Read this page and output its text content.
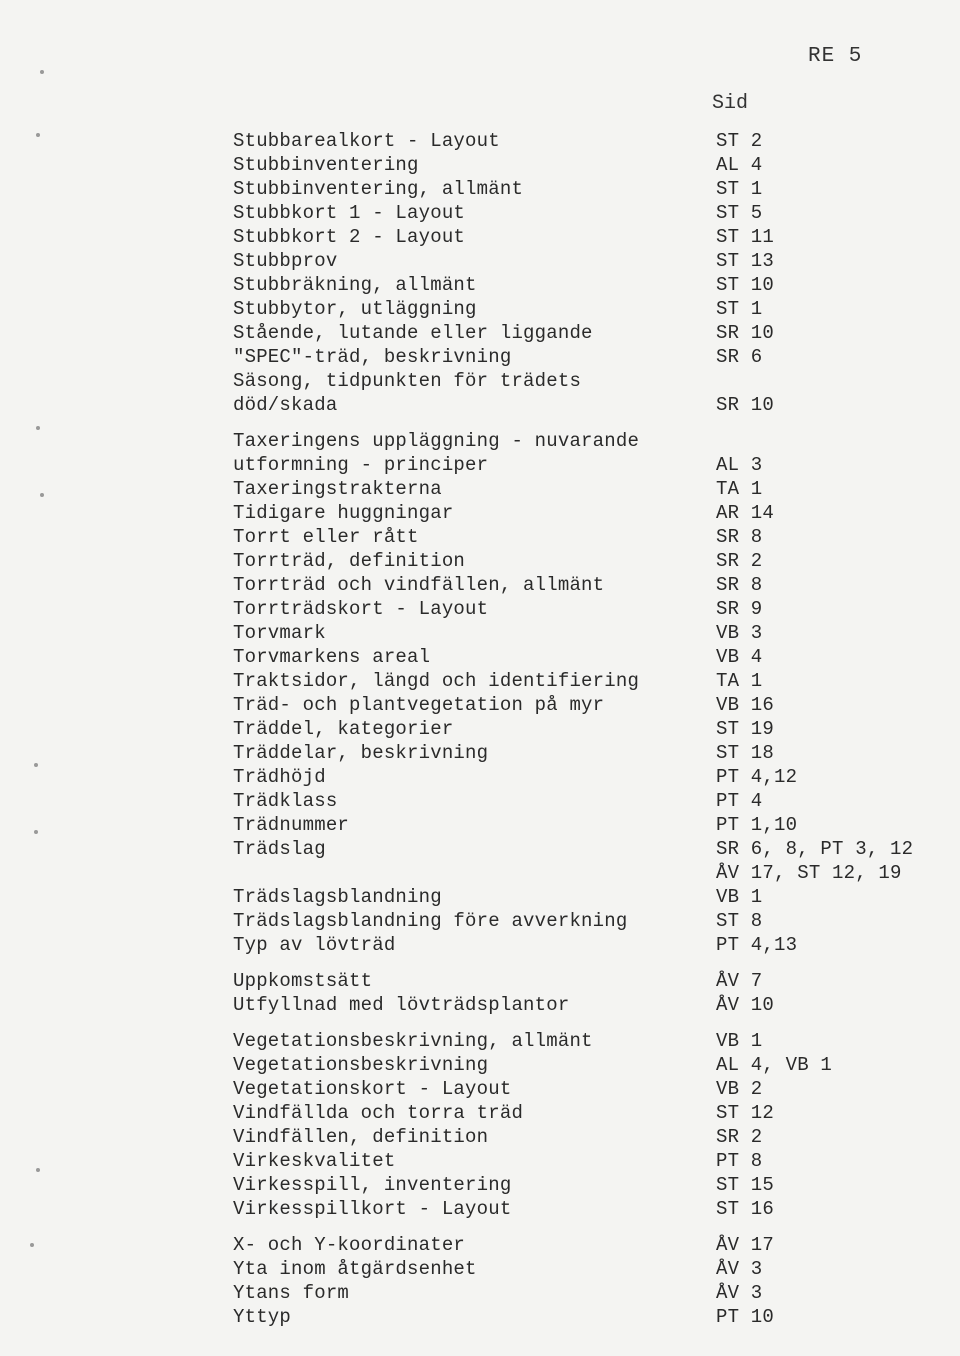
RE 5
Sid
Stubbarealkort - Layout	ST 2
Stubbinventering	AL 4
Stubbinventering, allmänt	ST 1
Stubbkort 1 - Layout	ST 5
Stubbkort 2 - Layout	ST 11
Stubbprov	ST 13
Stubbräkning, allmänt	ST 10
Stubbytor, utläggning	ST 1
Stående, lutande eller liggande	SR 10
"SPEC"-träd, beskrivning	SR 6
Säsong, tidpunkten för trädets
död/skada	SR 10
Taxeringens uppläggning - nuvarande
utformning - principer	AL 3
Taxeringstrakterna	TA 1
Tidigare huggningar	AR 14
Torrt eller rått	SR 8
Torrträd, definition	SR 2
Torrträd och vindfällen, allmänt	SR 8
Torrträdskort - Layout	SR 9
Torvmark	VB 3
Torvmarkens areal	VB 4
Traktsidor, längd och identifiering	TA 1
Träd- och plantvegetation på myr	VB 16
Träddel, kategorier	ST 19
Träddelar, beskrivning	ST 18
Trädhöjd	PT 4,12
Trädklass	PT 4
Trädnummer	PT 1,10
Trädslag	SR 6, 8, PT 3, 12
ÅV 17, ST 12, 19
Trädslagsblandning	VB 1
Trädslagsblandning före avverkning	ST 8
Typ av lövträd	PT 4,13
Uppkomstsätt	ÅV 7
Utfyllnad med lövträdsplantor	ÅV 10
Vegetationsbeskrivning, allmänt	VB 1
Vegetationsbeskrivning	AL 4, VB 1
Vegetationskort - Layout	VB 2
Vindfällda och torra träd	ST 12
Vindfällen, definition	SR 2
Virkeskvalitet	PT 8
Virkesspill, inventering	ST 15
Virkesspillkort - Layout	ST 16
X- och Y-koordinater	ÅV 17
Yta inom åtgärdsenhet	ÅV 3
Ytans form	ÅV 3
Yttyp	PT 10
